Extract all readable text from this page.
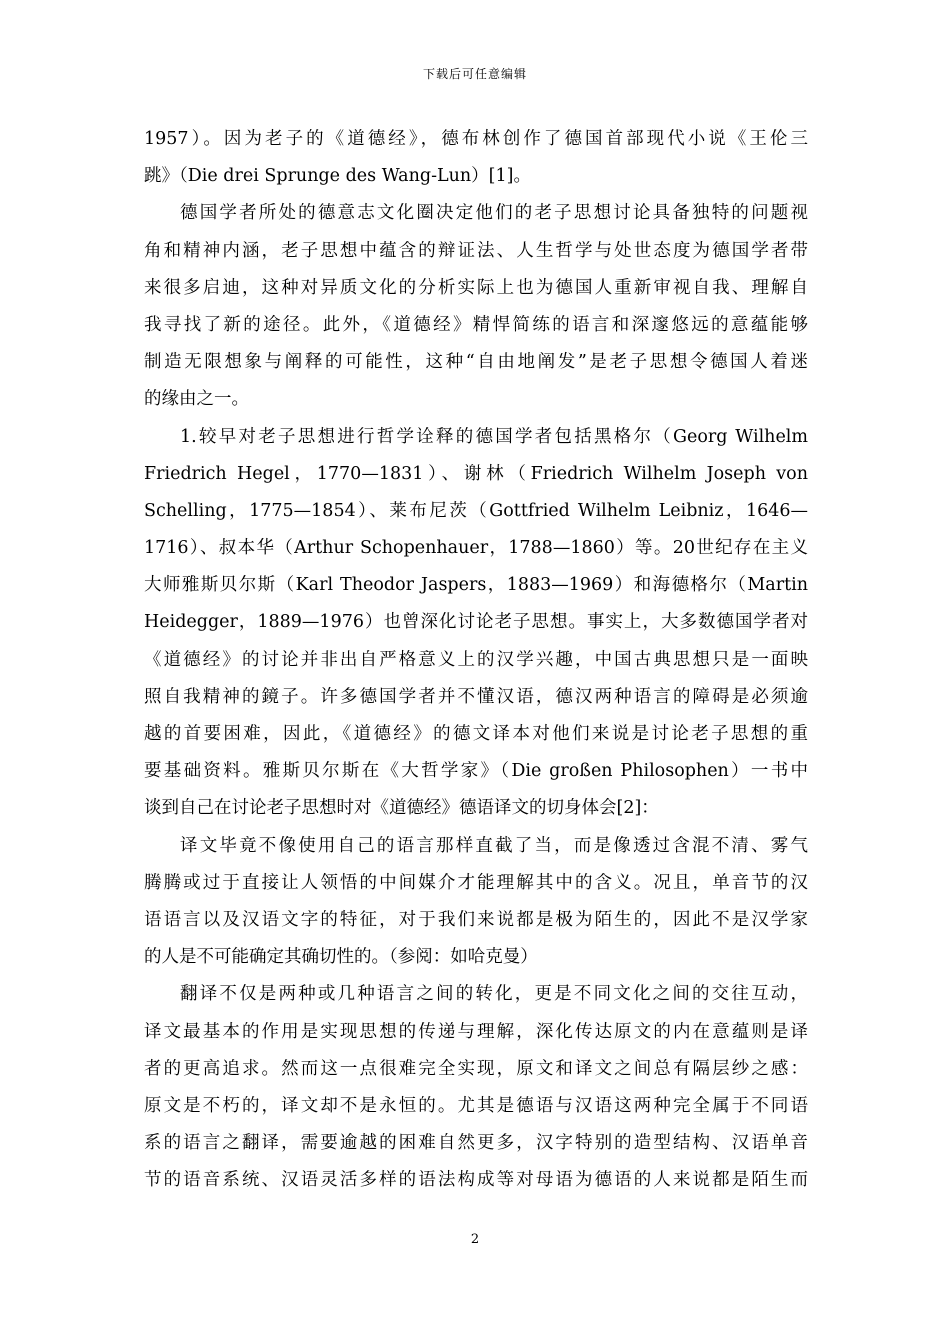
下载后可任意编辑
1957）。因为老子的《道德经》，德布林创作了德国首部现代小说《王伦三
跳》（Die drei Sprunge des Wang-Lun）[1]。
德国学者所处的德意志文化圈决定他们的老子思想讨论具备独特的问题视
角和精神内涵，老子思想中蕴含的辩证法、人生哲学与处世态度为德国学者带
来很多启迪，这种对异质文化的分析实际上也为德国人重新审视自我、理解自
我寻找了新的途径。此外，《道德经》精悍简练的语言和深邃悠远的意蕴能够
制造无限想象与阐释的可能性，这种“自由地阐发”是老子思想令德国人着迷
的缘由之一。
1.较早对老子思想进行哲学诠释的德国学者包括黑格尔（Georg Wilhelm
Friedrich Hegel，1770—1831）、谢林（Friedrich Wilhelm Joseph von
Schelling，1775—1854）、莱布尼茨（Gottfried Wilhelm Leibniz，1646—
1716）、叔本华（Arthur Schopenhauer，1788—1860）等。20世纪存在主义
大师雅斯贝尔斯（Karl Theodor Jaspers，1883—1969）和海德格尔（Martin
Heidegger，1889—1976）也曾深化讨论老子思想。事实上，大多数德国学者对
《道德经》的讨论并非出自严格意义上的汉学兴趣，中国古典思想只是一面映
照自我精神的鏡子。许多德国学者并不懂汉语，德汉两种语言的障碍是必须逾
越的首要困难，因此，《道德经》的德文译本对他们来说是讨论老子思想的重
要基础资料。雅斯贝尔斯在《大哲学家》（Die großen Philosophen）一书中
谈到自己在讨论老子思想时对《道德经》德语译文的切身体会[2]：
译文毕竟不像使用自己的语言那样直截了当，而是像透过含混不清、雾气
腾腾或过于直接让人领悟的中间媒介才能理解其中的含义。况且，单音节的汉
语语言以及汉语文字的特征，对于我们来说都是极为陌生的，因此不是汉学家
的人是不可能确定其确切性的。（参阅：如哈克曼）
翻译不仅是两种或几种语言之间的转化，更是不同文化之间的交往互动，
译文最基本的作用是实现思想的传递与理解，深化传达原文的内在意蕴则是译
者的更高追求。然而这一点很难完全实现，原文和译文之间总有隔层纱之感：
原文是不朽的，译文却不是永恒的。尤其是德语与汉语这两种完全属于不同语
系的语言之翻译，需要逾越的困难自然更多，汉字特别的造型结构、汉语单音
节的语音系统、汉语灵活多样的语法构成等对母语为德语的人来说都是陌生而
2
